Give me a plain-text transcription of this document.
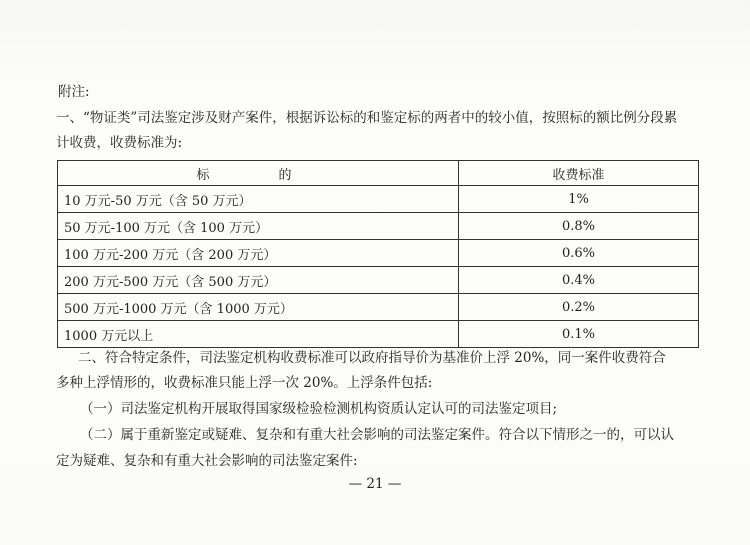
附注:
一、“物证类”司法鉴定涉及财产案件，根据诉讼标的和鉴定标的两者中的较小值，按照标的额比例分段累
计收费，收费标准为:
标　的	收费标准
10 万元-50 万元（含 50 万元）	1%
50 万元-100 万元（含 100 万元）	0.8%
100 万元-200 万元（含 200 万元）	0.6%
200 万元-500 万元（含 500 万元）	0.4%
500 万元-1000 万元（含 1000 万元）	0.2%
1000 万元以上	0.1%
二、符合特定条件，司法鉴定机构收费标准可以政府指导价为基准价上浮 20%，同一案件收费符合
多种上浮情形的，收费标准只能上浮一次 20%。上浮条件包括:
（一）司法鉴定机构开展取得国家级检验检测机构资质认定认可的司法鉴定项目;
（二）属于重新鉴定或疑难、复杂和有重大社会影响的司法鉴定案件。符合以下情形之一的，可以认
定为疑难、复杂和有重大社会影响的司法鉴定案件:
— 21 —
